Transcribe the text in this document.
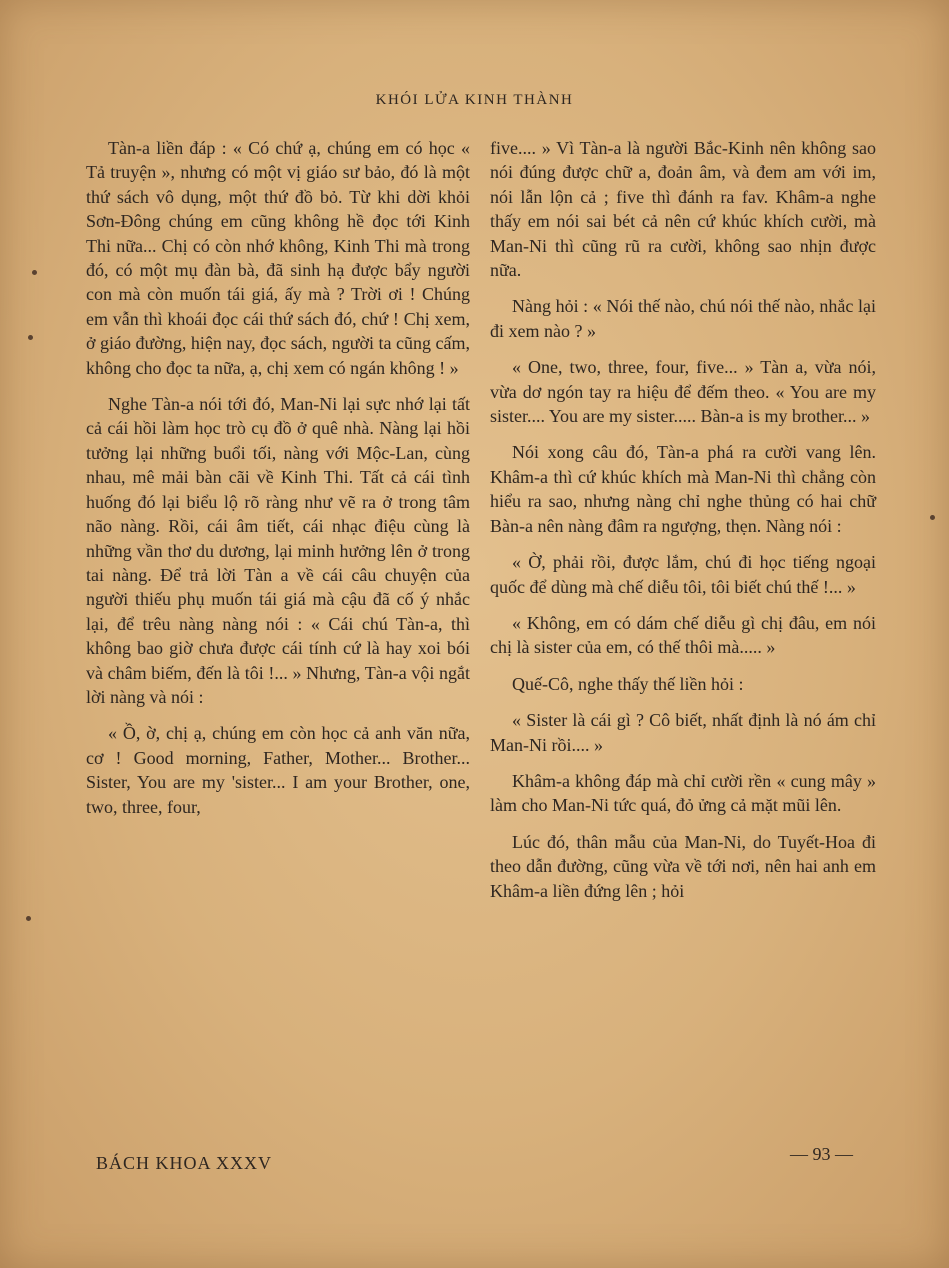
KHÓI LỬA KINH THÀNH

Tàn-a liền đáp : « Có chứ ạ, chúng em có học « Tả truyện », nhưng có một vị giáo sư bảo, đó là một thứ sách vô dụng, một thứ đồ bỏ. Từ khi dời khỏi Sơn-Đông chúng em cũng không hề đọc tới Kinh Thi nữa... Chị có còn nhớ không, Kinh Thi mà trong đó, có một mụ đàn bà, đã sinh hạ được bẩy người con mà còn muốn tái giá, ấy mà ? Trời ơi ! Chúng em vẫn thì khoái đọc cái thứ sách đó, chứ ! Chị xem, ở giáo đường, hiện nay, đọc sách, người ta cũng cấm, không cho đọc ta nữa, ạ, chị xem có ngán không ! »

Nghe Tàn-a nói tới đó, Man-Ni lại sực nhớ lại tất cả cái hồi làm học trò cụ đồ ở quê nhà. Nàng lại hồi tưởng lại những buổi tối, nàng với Mộc-Lan, cùng nhau, mê mải bàn cãi về Kinh Thi. Tất cả cái tình huống đó lại biểu lộ rõ ràng như vẽ ra ở trong tâm não nàng. Rồi, cái âm tiết, cái nhạc điệu cùng là những vần thơ du dương, lại minh hưởng lên ở trong tai nàng. Để trả lời Tàn a về cái câu chuyện của người thiếu phụ muốn tái giá mà cậu đã cố ý nhắc lại, để trêu nàng nàng nói : « Cái chú Tàn-a, thì không bao giờ chưa được cái tính cứ là hay xoi bói và châm biếm, đến là tôi !... » Nhưng, Tàn-a vội ngắt lời nàng và nói :

« Ồ, ờ, chị ạ, chúng em còn học cả anh văn nữa, cơ ! Good morning, Father, Mother... Brother... Sister, You are my 'sister... I am your Brother, one, two, three, four,

five.... » Vì Tàn-a là người Bắc-Kinh nên không sao nói đúng được chữ a, đoản âm, và đem am với im, nói lẫn lộn cả ; five thì đánh ra fav. Khâm-a nghe thấy em nói sai bét cả nên cứ khúc khích cười, mà Man-Ni thì cũng rũ ra cười, không sao nhịn được nữa.

Nàng hỏi : « Nói thế nào, chú nói thế nào, nhắc lại đi xem nào ? »

« One, two, three, four, five... » Tàn a, vừa nói, vừa dơ ngón tay ra hiệu để đếm theo. « You are my sister.... You are my sister..... Bàn-a is my brother... »

Nói xong câu đó, Tàn-a phá ra cười vang lên. Khâm-a thì cứ khúc khích mà Man-Ni thì chẳng còn hiểu ra sao, nhưng nàng chỉ nghe thủng có hai chữ Bàn-a nên nàng đâm ra ngượng, thẹn. Nàng nói :

« Ờ, phải rồi, được lắm, chú đi học tiếng ngoại quốc để dùng mà chế diễu tôi, tôi biết chú thế !... »

« Không, em có dám chế diễu gì chị đâu, em nói chị là sister của em, có thế thôi mà..... »

Quế-Cô, nghe thấy thế liền hỏi :

« Sister là cái gì ? Cô biết, nhất định là nó ám chỉ Man-Ni rồi.... »

Khâm-a không đáp mà chỉ cười rền « cung mây » làm cho Man-Ni tức quá, đỏ ửng cả mặt mũi lên.

Lúc đó, thân mẫu của Man-Ni, do Tuyết-Hoa đi theo dẫn đường, cũng vừa về tới nơi, nên hai anh em Khâm-a liền đứng lên ; hỏi

BÁCH KHOA XXXV	— 93 —
